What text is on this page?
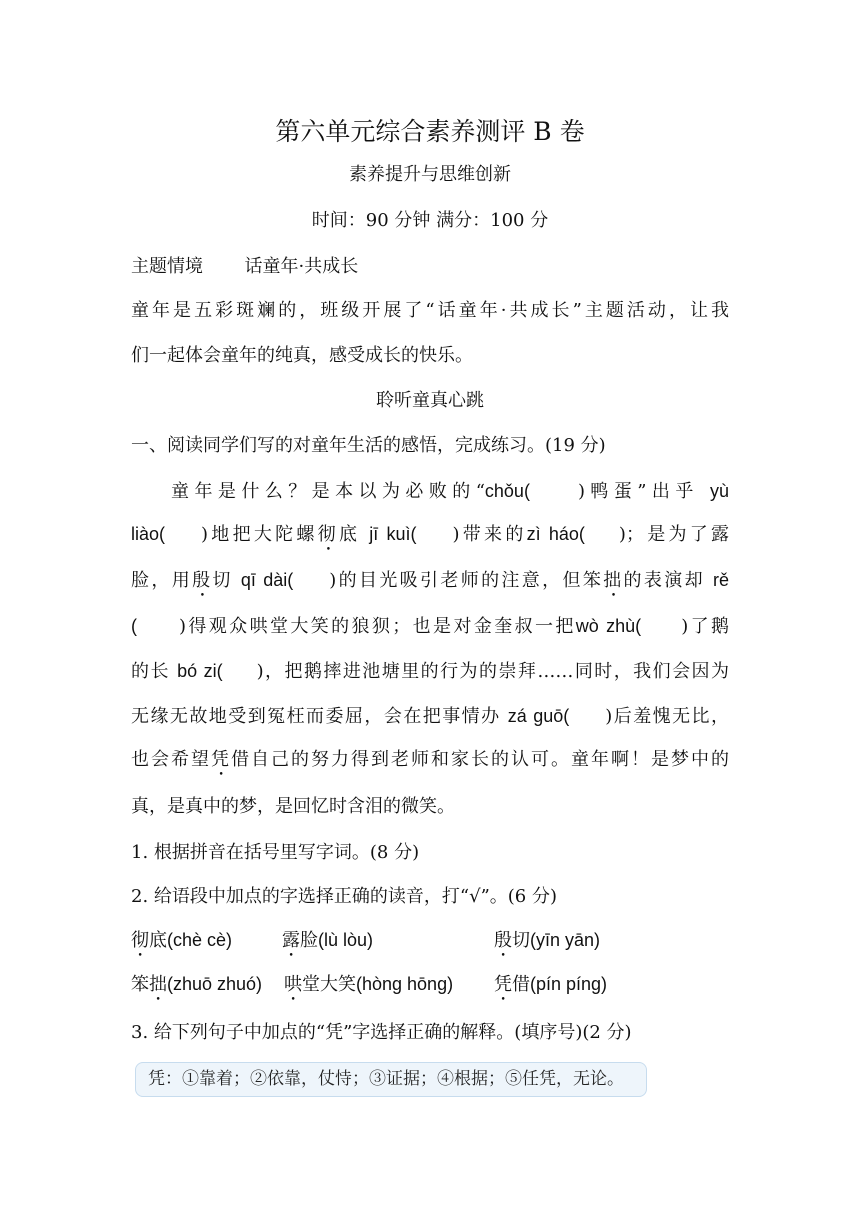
第六单元综合素养测评 B 卷
素养提升与思维创新
时间：90 分钟 满分：100 分
主题情境 话童年·共成长
童年是五彩斑斓的，班级开展了“话童年·共成长”主题活动，让我
们一起体会童年的纯真，感受成长的快乐。
聆听童真心跳
一、阅读同学们写的对童年生活的感悟，完成练习。(19 分)
童年是什么？是本以为必败的“chǒu(	)鸭蛋”出乎 yù
liào( )地把大陀螺彻底 jī kuì( )带来的zì háo( )；是为了露
脸，用殷切 qī dài( )的目光吸引老师的注意，但笨拙的表演却 rě
( )得观众哄堂大笑的狼狈；也是对金奎叔一把wò zhù( )了鹅
的长 bó zi( )，把鹅摔进池塘里的行为的崇拜……同时，我们会因为
无缘无故地受到冤枉而委屈，会在把事情办 zá guō( )后羞愧无比，
也会希望凭借自己的努力得到老师和家长的认可。童年啊！是梦中的
真，是真中的梦，是回忆时含泪的微笑。
1. 根据拼音在括号里写字词。(8 分)
2. 给语段中加点的字选择正确的读音，打“√”。(6 分)
彻底(chè cè)	露脸(lù lòu)	殷切(yīn yān)
笨拙(zhuō zhuó) 哄堂大笑(hòng hōng) 凭借(pín píng)
3. 给下列句子中加点的“凭”字选择正确的解释。(填序号)(2 分)
凭：①靠着；②依靠，仗恃；③证据；④根据；⑤任凭，无论。
